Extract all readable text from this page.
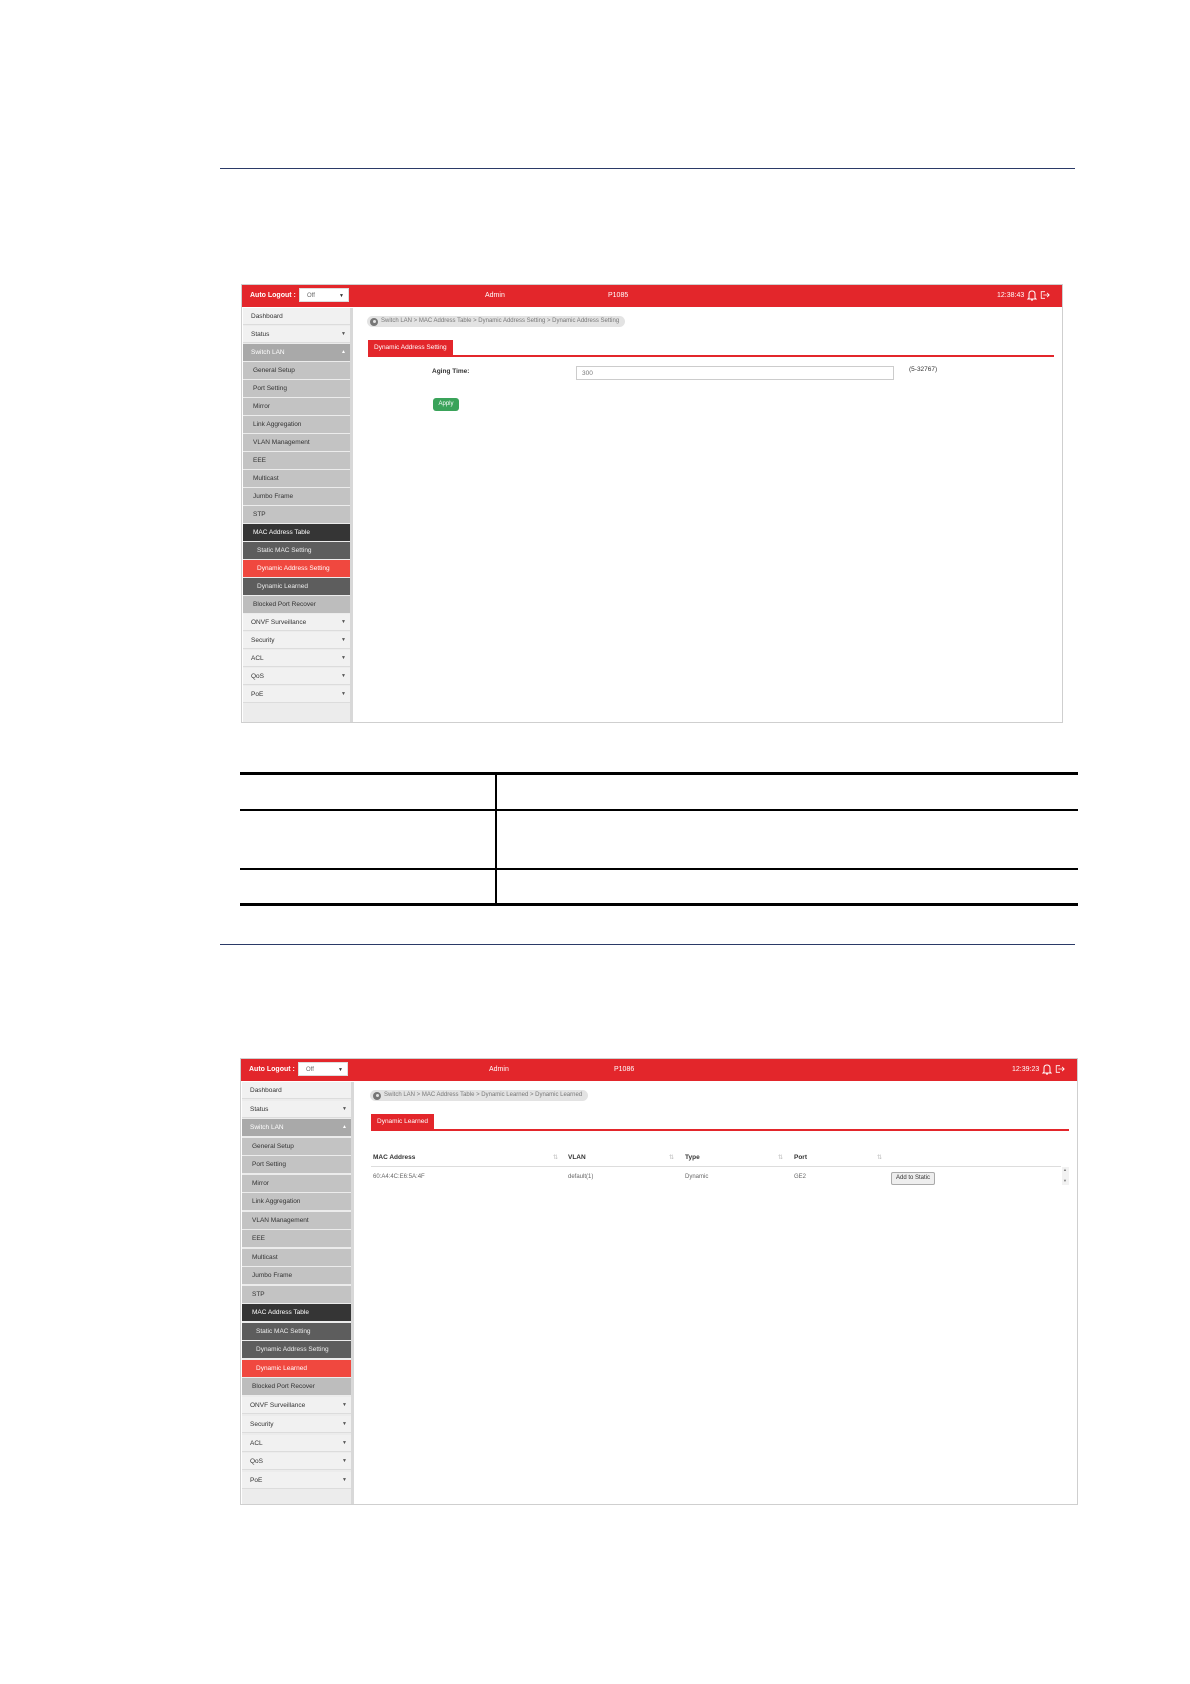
Auto Logout :	Off	▼	Admin	P1085	12:38:43
Dashboard
Status	▼
Switch LAN	▲
General Setup
Port Setting
Mirror
Link Aggregation
VLAN Management
EEE
Multicast
Jumbo Frame
STP
MAC Address Table
Static MAC Setting
Dynamic Address Setting
Dynamic Learned
Blocked Port Recover
ONVF Surveillance	▼
Security	▼
ACL	▼
QoS	▼
PoE	▼
Switch LAN > MAC Address Table > Dynamic Address Setting > Dynamic Address Setting
Dynamic Address Setting
Aging Time:	300
(5-32767)
Apply
Auto Logout :	Off	▼	Admin	P1086	12:39:23
Dashboard
Status	▼
Switch LAN	▲
General Setup
Port Setting
Mirror
Link Aggregation
VLAN Management
EEE
Multicast
Jumbo Frame
STP
MAC Address Table
Static MAC Setting
Dynamic Address Setting
Dynamic Learned
Blocked Port Recover
ONVF Surveillance	▼
Security	▼
ACL	▼
QoS	▼
PoE	▼
Switch LAN > MAC Address Table > Dynamic Learned > Dynamic Learned
Dynamic Learned
MAC Address	⇅ VLAN	⇅ Type	⇅ Port	⇅
60:A4:4C:E6:5A:4F	default(1)	Dynamic	GE2	Add to Static
▲
▼
